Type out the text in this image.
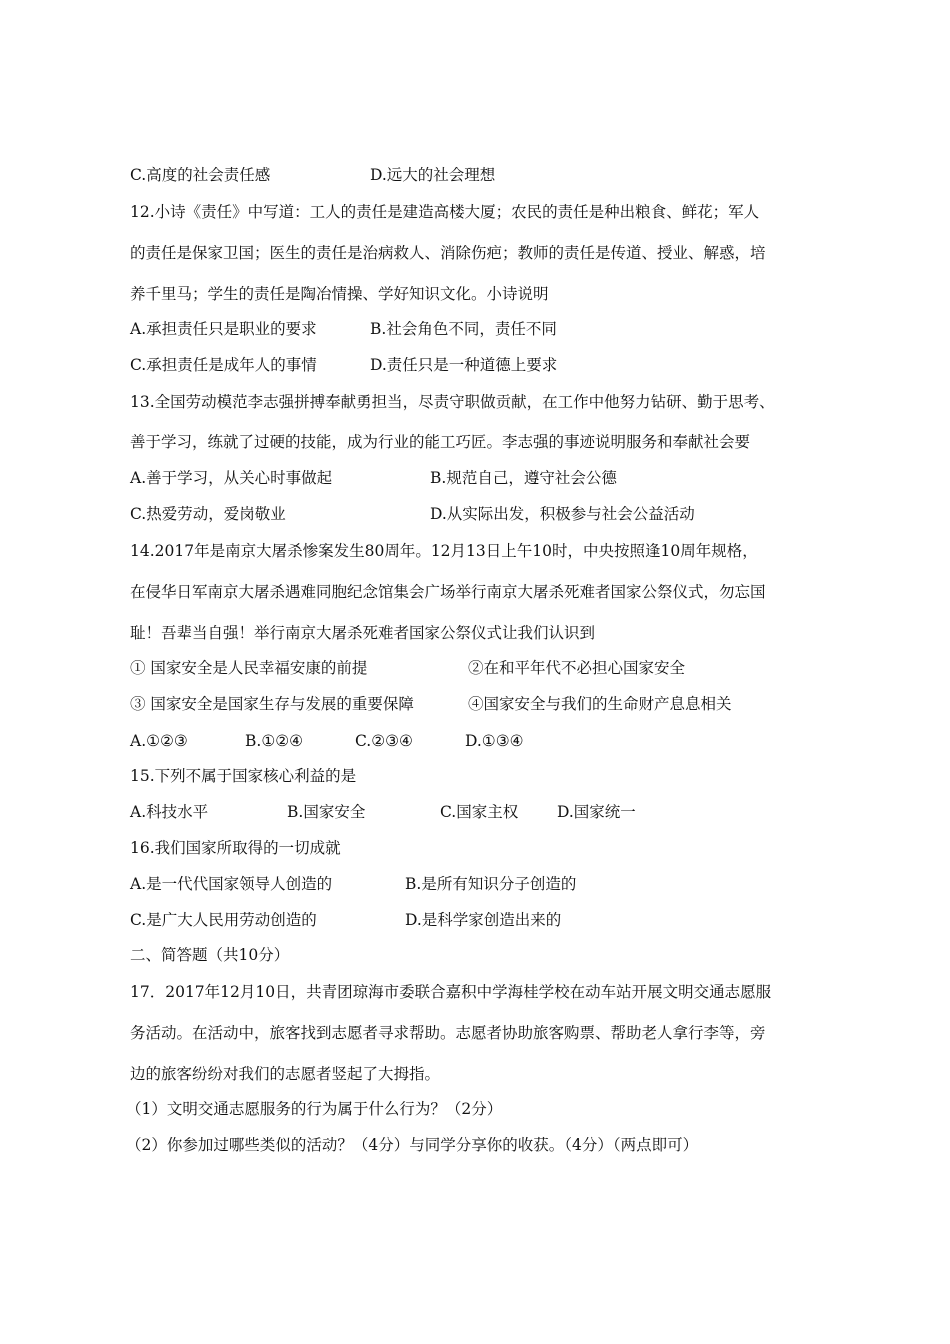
C.高度的社会责任感	D.远大的社会理想
12.小诗《责任》中写道：工人的责任是建造高楼大厦；农民的责任是种出粮食、鲜花；军人
的责任是保家卫国；医生的责任是治病救人、消除伤疤；教师的责任是传道、授业、解惑，培
养千里马；学生的责任是陶冶情操、学好知识文化。小诗说明
A.承担责任只是职业的要求	B.社会角色不同，责任不同
C.承担责任是成年人的事情	D.责任只是一种道德上要求
13.全国劳动模范李志强拼搏奉献勇担当，尽责守职做贡献，在工作中他努力钻研、勤于思考、
善于学习，练就了过硬的技能，成为行业的能工巧匠。李志强的事迹说明服务和奉献社会要
A.善于学习，从关心时事做起	B.规范自己，遵守社会公德
C.热爱劳动，爱岗敬业	D.从实际出发，积极参与社会公益活动
14.2017年是南京大屠杀惨案发生80周年。12月13日上午10时，中央按照逢10周年规格，
在侵华日军南京大屠杀遇难同胞纪念馆集会广场举行南京大屠杀死难者国家公祭仪式，勿忘国
耻！吾辈当自强！举行南京大屠杀死难者国家公祭仪式让我们认识到
① 国家安全是人民幸福安康的前提	②在和平年代不必担心国家安全
③ 国家安全是国家生存与发展的重要保障	④国家安全与我们的生命财产息息相关
A.①②③	B.①②④	C.②③④	D.①③④
15.下列不属于国家核心利益的是
A.科技水平	B.国家安全	C.国家主权	D.国家统一
16.我们国家所取得的一切成就
A.是一代代国家领导人创造的	B.是所有知识分子创造的
C.是广大人民用劳动创造的	D.是科学家创造出来的
二、简答题（共10分）
17．2017年12月10日，共青团琼海市委联合嘉积中学海桂学校在动车站开展文明交通志愿服
务活动。在活动中，旅客找到志愿者寻求帮助。志愿者协助旅客购票、帮助老人拿行李等，旁
边的旅客纷纷对我们的志愿者竖起了大拇指。
（1）文明交通志愿服务的行为属于什么行为？（2分）
（2）你参加过哪些类似的活动？（4分）与同学分享你的收获。（4分）（两点即可）
